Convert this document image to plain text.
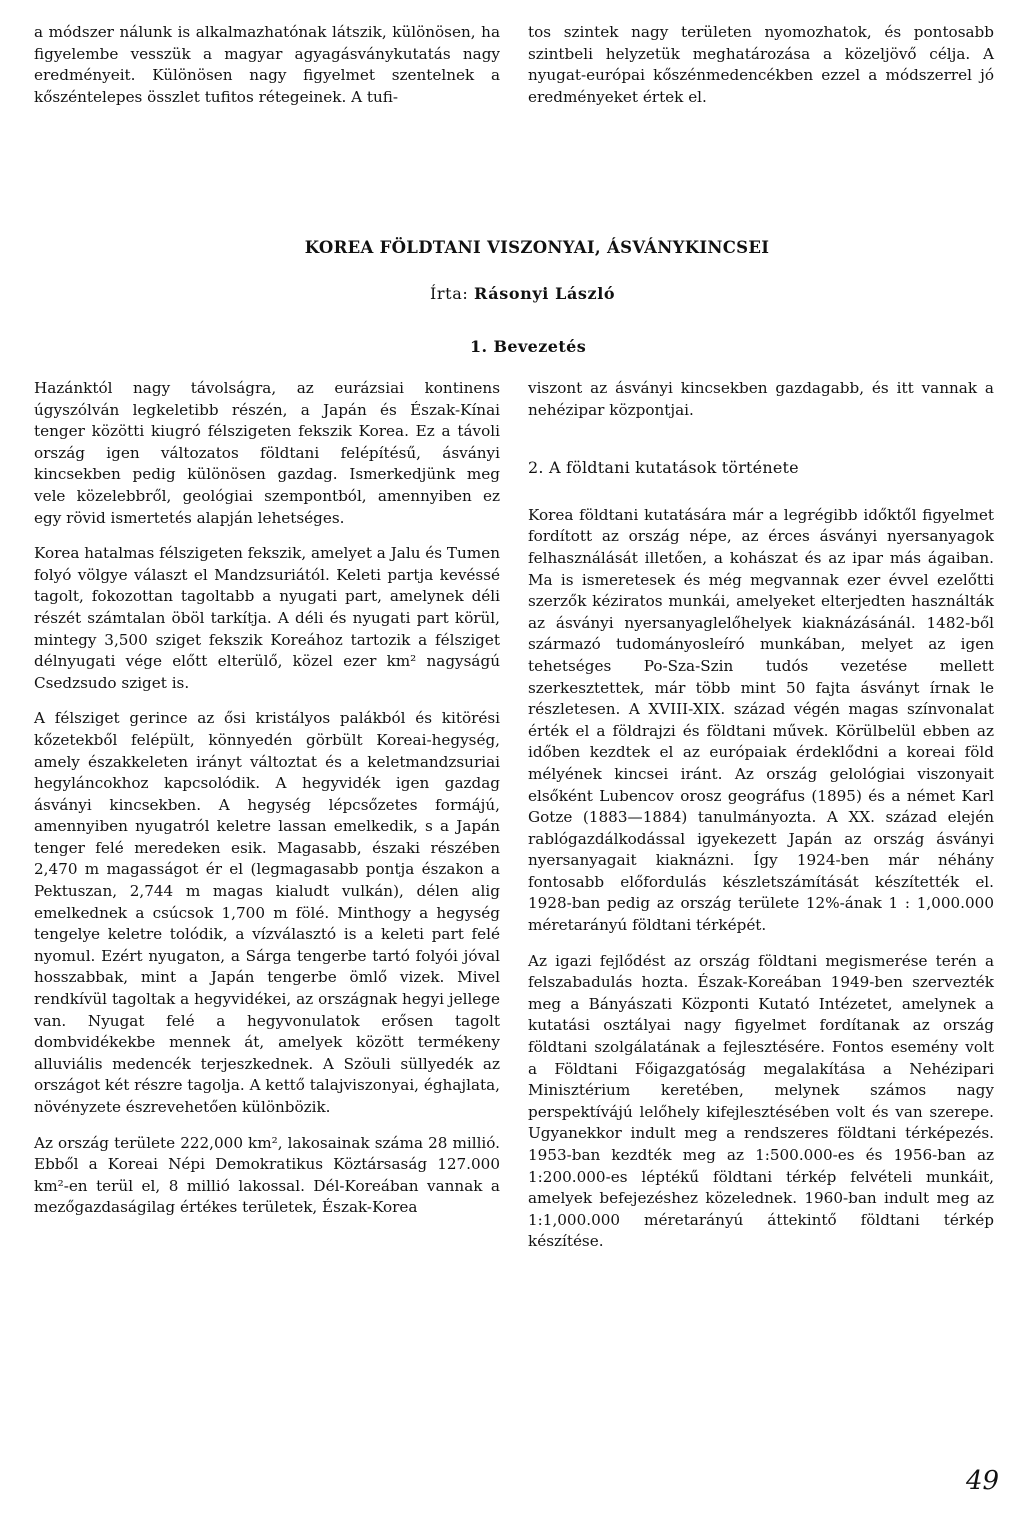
a módszer nálunk is alkalmazhatónak látszik, különösen, ha figyelembe vesszük a magyar agyagásványkutatás nagy eredményeit. Különösen nagy figyelmet szentelnek a kőszéntelepes összlet tufitos rétegeinek. A tufi-

tos szintek nagy területen nyomozhatok, és pontosabb szintbeli helyzetük meghatározása a közeljövő célja. A nyugat-európai kőszénmedencékben ezzel a módszerrel jó eredményeket értek el.

KOREA FÖLDTANI VISZONYAI, ÁSVÁNYKINCSEI
Írta: Rásonyi László
1. Bevezetés

Hazánktól nagy távolságra, az eurázsiai kontinens úgyszólván legkeletibb részén, a Japán és Észak-Kínai tenger közötti kiugró félszigeten fekszik Korea. Ez a távoli ország igen változatos földtani felépítésű, ásványi kincsekben pedig különösen gazdag. Ismerkedjünk meg vele közelebbről, geológiai szempontból, amennyiben ez egy rövid ismertetés alapján lehetséges.

Korea hatalmas félszigeten fekszik, amelyet a Jalu és Tumen folyó völgye választ el Mandzsuriától. Keleti partja kevéssé tagolt, fokozottan tagoltabb a nyugati part, amelynek déli részét számtalan öböl tarkítja. A déli és nyugati part körül, mintegy 3,500 sziget fekszik Koreához tartozik a félsziget délnyugati vége előtt elterülő, közel ezer km² nagyságú Csedzsudo sziget is.

A félsziget gerince az ősi kristályos palákból és kitörési kőzetekből felépült, könnyedén görbült Koreai-hegység, amely északkeleten irányt változtat és a keletmandzsuriai hegyláncokhoz kapcsolódik. A hegyvidék igen gazdag ásványi kincsekben. A hegység lépcsőzetes formájú, amennyiben nyugatról keletre lassan emelkedik, s a Japán tenger felé meredeken esik. Magasabb, északi részében 2,470 m magasságot ér el (legmagasabb pontja északon a Pektuszan, 2,744 m magas kialudt vulkán), délen alig emelkednek a csúcsok 1,700 m fölé. Minthogy a hegység tengelye keletre tolódik, a vízválasztó is a keleti part felé nyomul. Ezért nyugaton, a Sárga tengerbe tartó folyói jóval hosszabbak, mint a Japán tengerbe ömlő vizek. Mivel rendkívül tagoltak a hegyvidékei, az országnak hegyi jellege van. Nyugat felé a hegyvonulatok erősen tagolt dombvidékekbe mennek át, amelyek között termékeny alluviális medencék terjeszkednek. A Szöuli süllyedék az országot két részre tagolja. A kettő talajviszonyai, éghajlata, növényzete észrevehetően különbözik.

Az ország területe 222,000 km², lakosainak száma 28 millió. Ebből a Koreai Népi Demokratikus Köztársaság 127.000 km²-en terül el, 8 millió lakossal. Dél-Koreában vannak a mezőgazdaságilag értékes területek, Észak-Korea

viszont az ásványi kincsekben gazdagabb, és itt vannak a nehézipar központjai.

2. A földtani kutatások története

Korea földtani kutatására már a legrégibb időktől figyelmet fordított az ország népe, az érces ásványi nyersanyagok felhasználását illetően, a kohászat és az ipar más ágaiban. Ma is ismeretesek és még megvannak ezer évvel ezelőtti szerzők kéziratos munkái, amelyeket elterjedten használták az ásványi nyersanyaglelőhelyek kiaknázásánál. 1482-ből származó tudományosleíró munkában, melyet az igen tehetséges Po-Sza-Szin tudós vezetése mellett szerkesztettek, már több mint 50 fajta ásványt írnak le részletesen. A XVIII-XIX. század végén magas színvonalat érték el a földrajzi és földtani művek. Körülbelül ebben az időben kezdtek el az európaiak érdeklődni a koreai föld mélyének kincsei iránt. Az ország gelológiai viszonyait elsőként Lubencov orosz geográfus (1895) és a német Karl Gotze (1883—1884) tanulmányozta. A XX. század elején rablógazdálkodással igyekezett Japán az ország ásványi nyersanyagait kiaknázni. Így 1924-ben már néhány fontosabb előfordulás készletszámítását készítették el. 1928-ban pedig az ország területe 12%-ának 1 : 1,000.000 méretarányú földtani térképét.

Az igazi fejlődést az ország földtani megismerése terén a felszabadulás hozta. Észak-Koreában 1949-ben szervezték meg a Bányászati Központi Kutató Intézetet, amelynek a kutatási osztályai nagy figyelmet fordítanak az ország földtani szolgálatának a fejlesztésére. Fontos esemény volt a Földtani Főigazgatóság megalakítása a Nehézipari Minisztérium keretében, melynek számos nagy perspektívájú lelőhely kifejlesztésében volt és van szerepe. Ugyanekkor indult meg a rendszeres földtani térképezés. 1953-ban kezdték meg az 1:500.000-es és 1956-ban az 1:200.000-es léptékű földtani térkép felvételi munkáit, amelyek befejezéshez közelednek. 1960-ban indult meg az 1:1,000.000 méretarányú áttekintő földtani térkép készítése.

49
